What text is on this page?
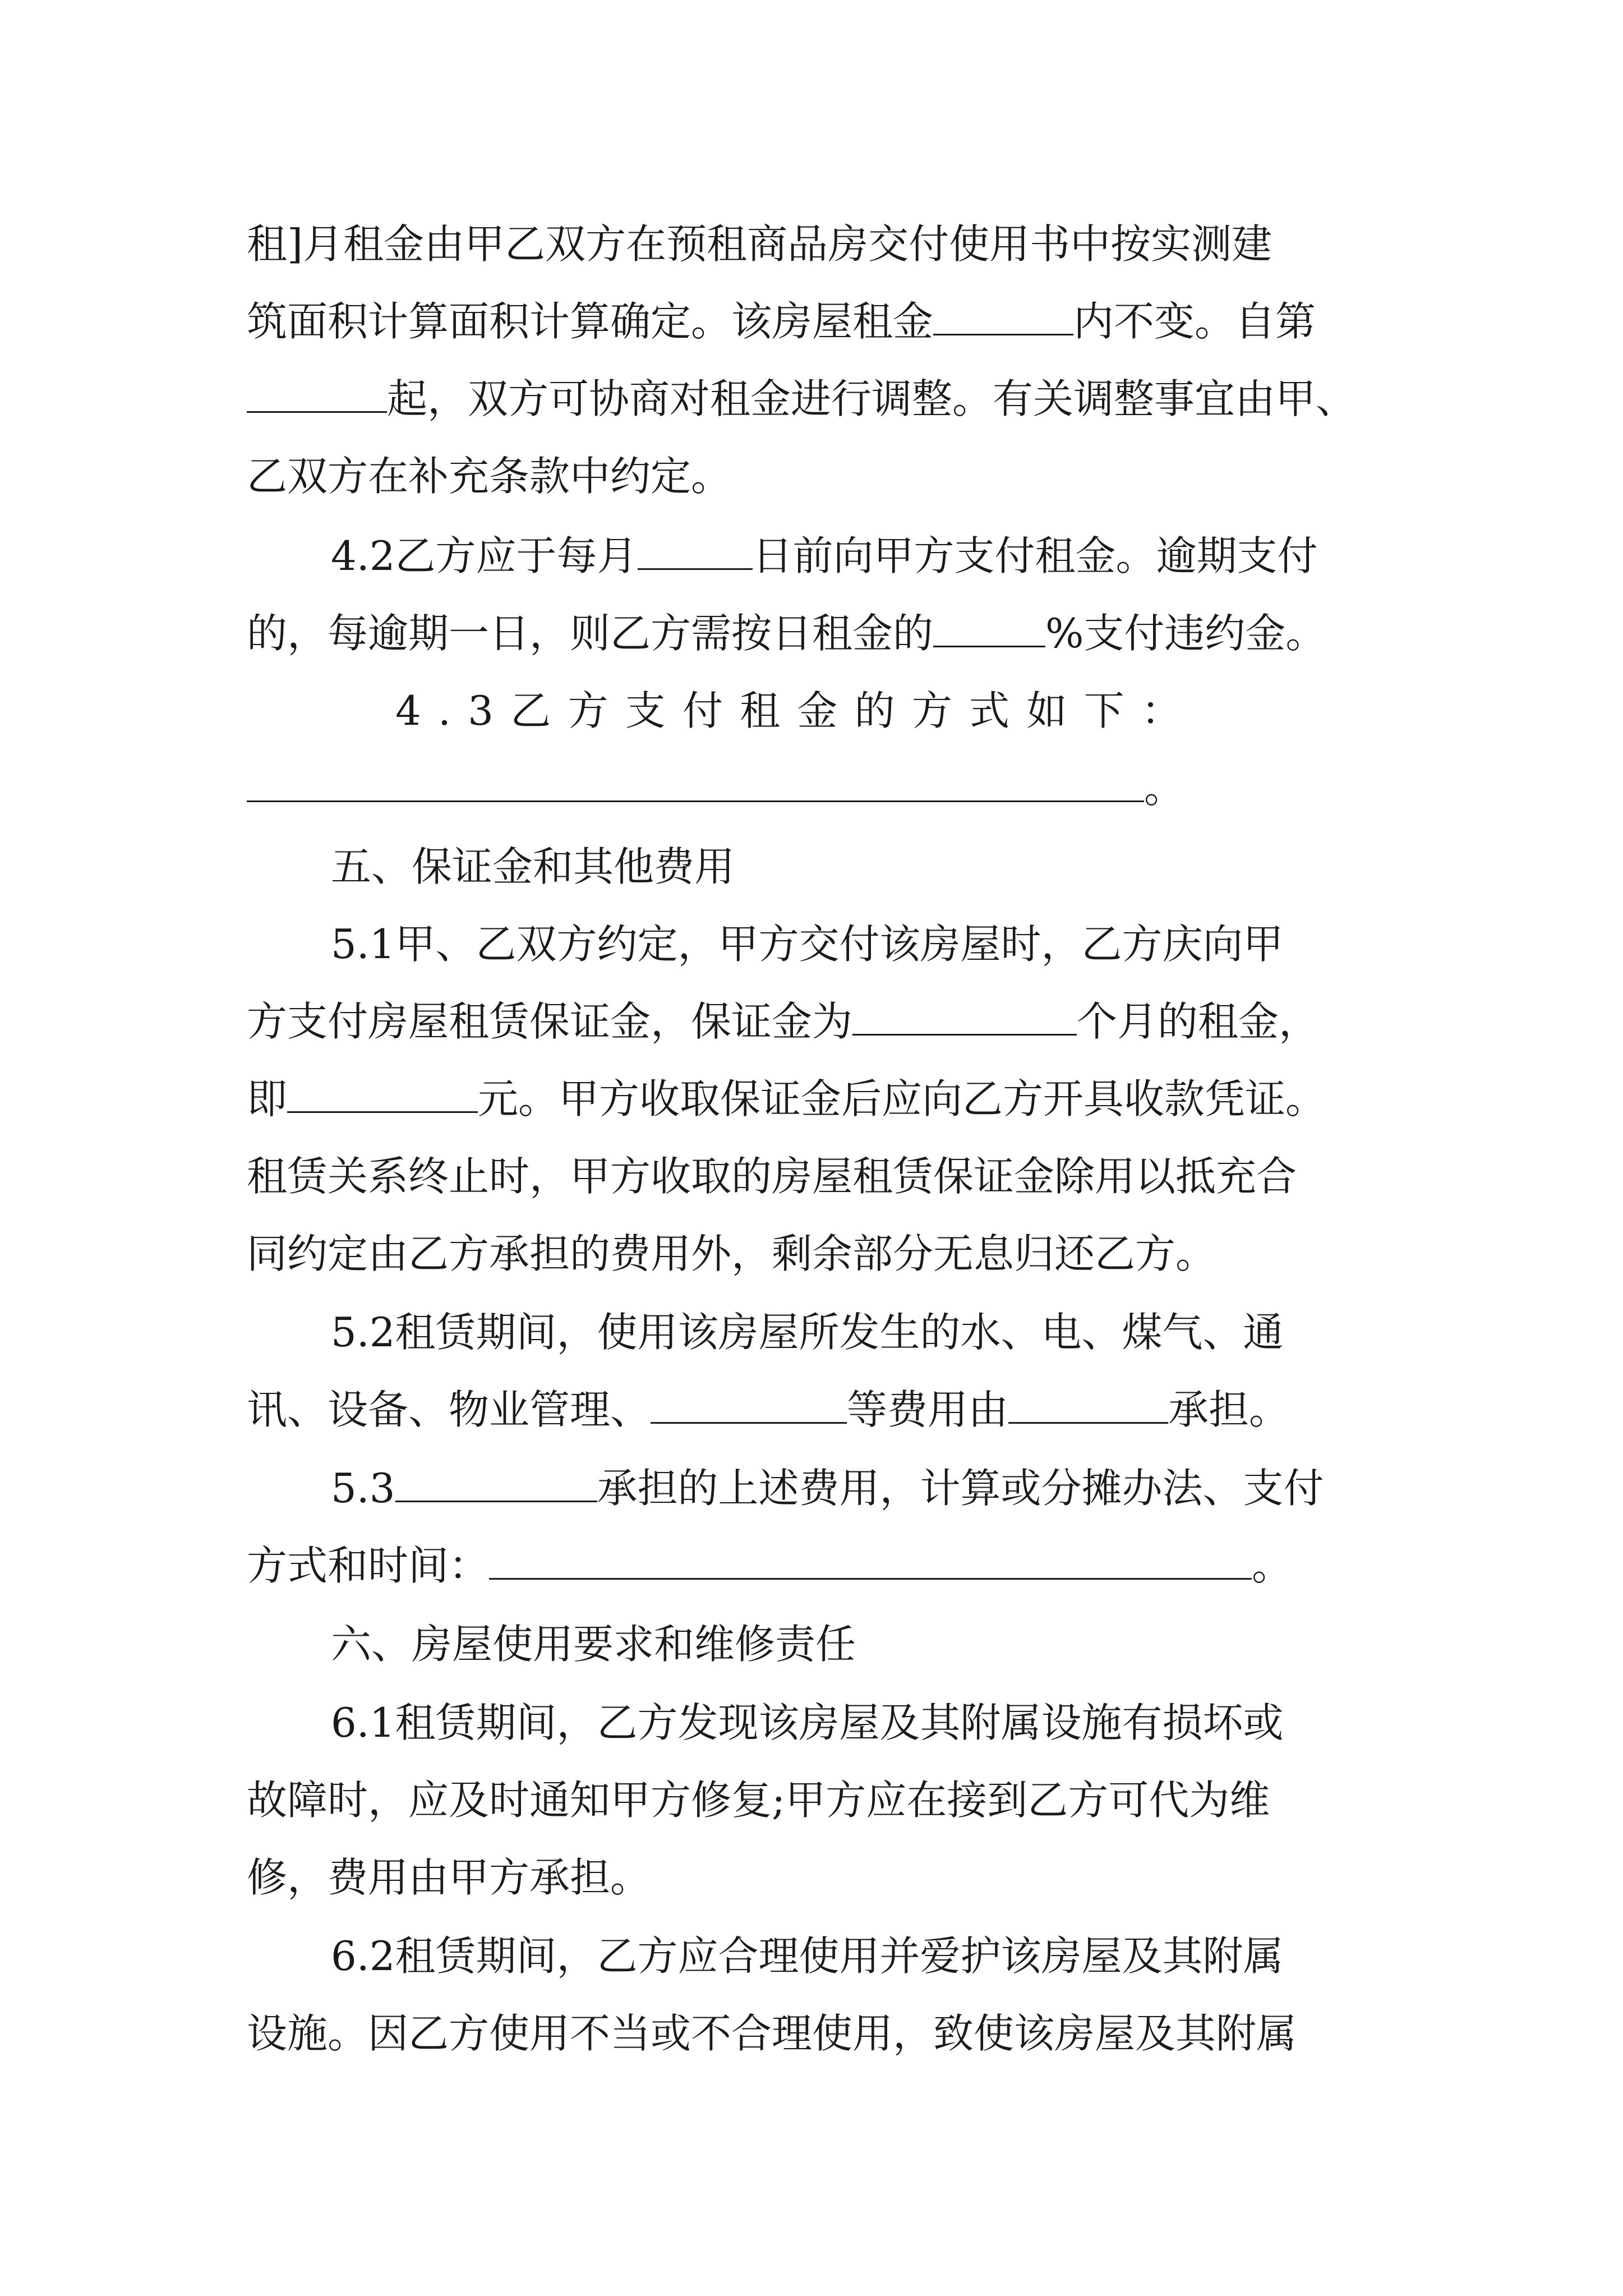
租]月租金由甲乙双方在预租商品房交付使用书中按实测建
筑面积计算面积计算确定。该房屋租金	内不变。自第
起，双方可协商对租金进行调整。有关调整事宜由甲、
乙双方在补充条款中约定。
4.2乙方应于每月	日前向甲方支付租金。逾期支付
的，每逾期一日，则乙方需按日租金的	%支付违约金。
4.3乙方支付租金的方式如下：
。
五、保证金和其他费用
5.1甲、乙双方约定，甲方交付该房屋时，乙方庆向甲
方支付房屋租赁保证金，保证金为	个月的租金，
即	元。甲方收取保证金后应向乙方开具收款凭证。
租赁关系终止时，甲方收取的房屋租赁保证金除用以抵充合
同约定由乙方承担的费用外，剩余部分无息归还乙方。
5.2租赁期间，使用该房屋所发生的水、电、煤气、通
讯、设备、物业管理、	等费用由	承担。
5.3	承担的上述费用，计算或分摊办法、支付
方式和时间：	。
六、房屋使用要求和维修责任
6.1租赁期间，乙方发现该房屋及其附属设施有损坏或
故障时，应及时通知甲方修复;甲方应在接到乙方可代为维
修，费用由甲方承担。
6.2租赁期间，乙方应合理使用并爱护该房屋及其附属
设施。因乙方使用不当或不合理使用，致使该房屋及其附属
